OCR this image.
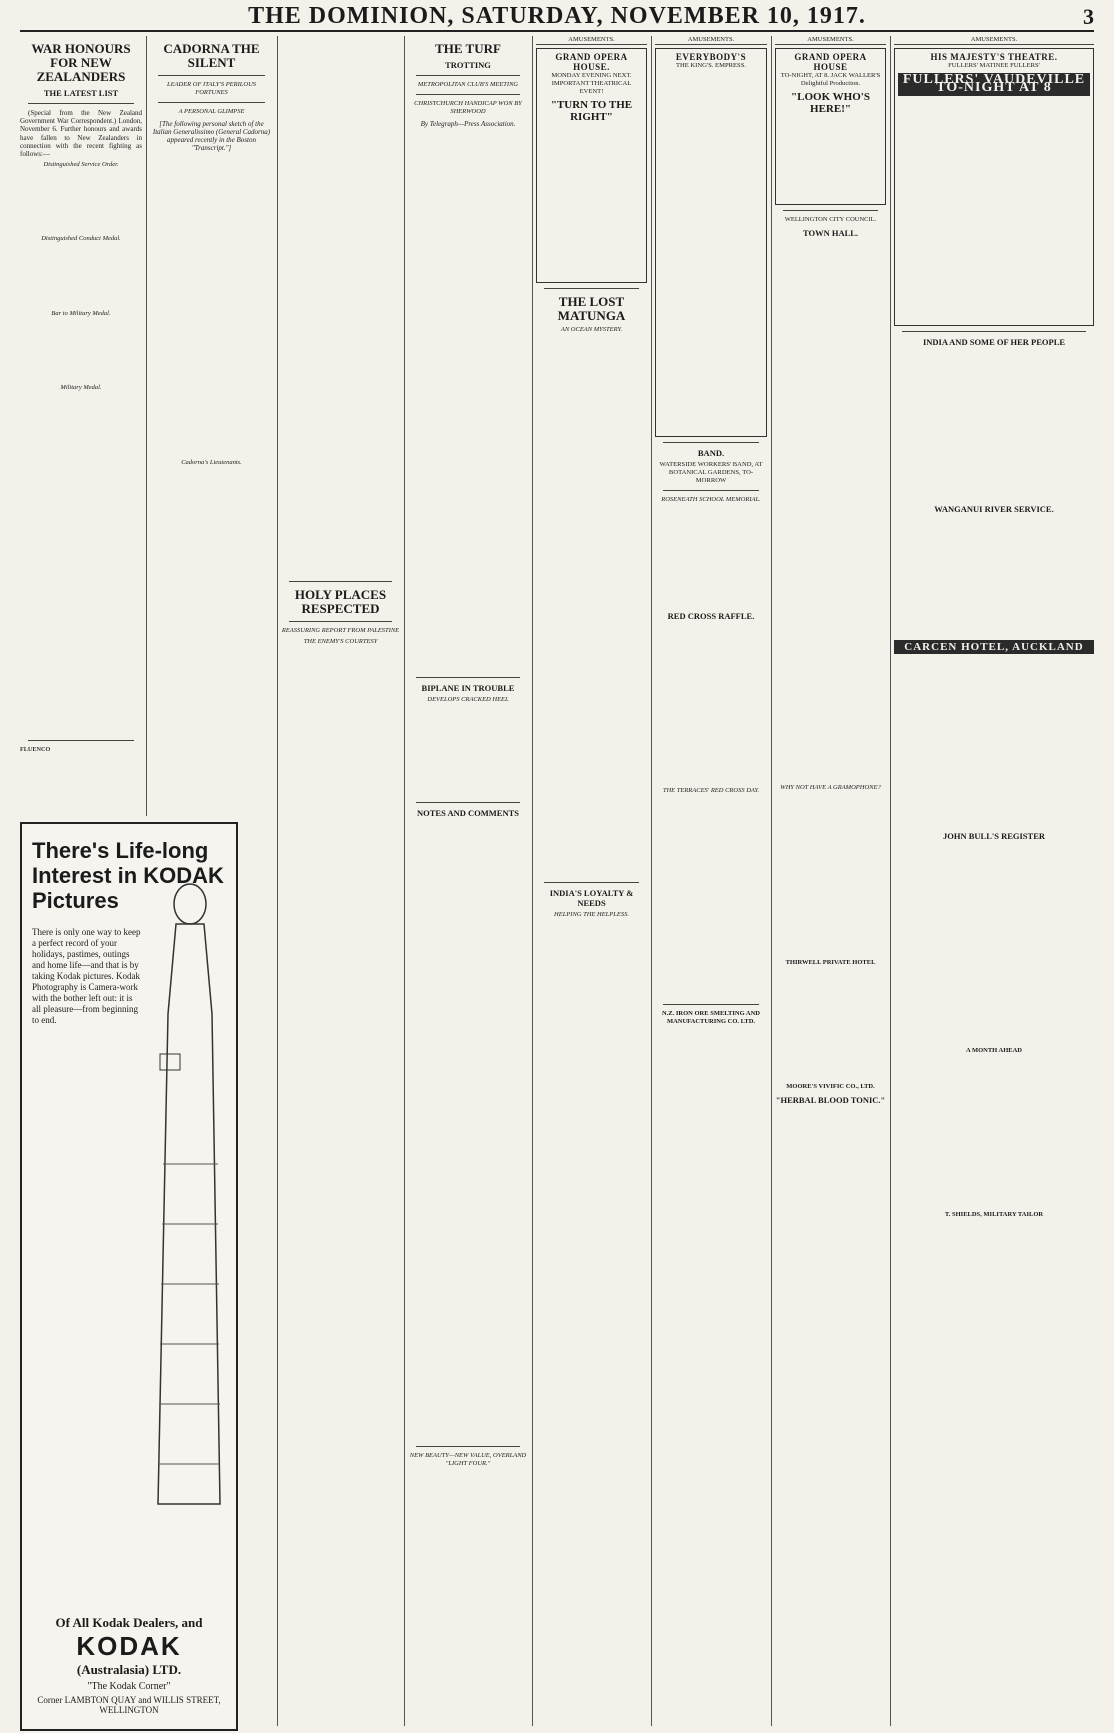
THE DOMINION, SATURDAY, NOVEMBER 10, 1917.	3
WAR HONOURS FOR NEW ZEALANDERS
THE LATEST LIST

(Special from the New Zealand Government War Correspondent.) London, November 6. Further honours and awards have fallen to New Zealanders in connection with the recent fighting as follows:—

Distinguished Service Order.
Distinguished Conduct Medal.
Bar to Military Medal.
Military Medal.
FLUENCO
CADORNA THE SILENT
LEADER OF ITALY'S PERILOUS FORTUNES
A PERSONAL GLIMPSE
[The following personal sketch of the Italian Generalissimo (General Cadorna) appeared recently in the Boston "Transcript."]
Cadorna's Lieutenants.
There's Life-long Interest in KODAK Pictures
There is only one way to keep a perfect record of your holidays, pastimes, outings and home life—and that is by taking Kodak pictures. Kodak Photography is Camera-work with the bother left out: it is all pleasure—from beginning to end.
Of All Kodak Dealers, and
KODAK
(Australasia) LTD.
"The Kodak Corner"
Corner LAMBTON QUAY and WILLIS STREET, WELLINGTON
HOLY PLACES RESPECTED
REASSURING REPORT FROM PALESTINE
THE ENEMY'S COURTESY
THE TURF
TROTTING
METROPOLITAN CLUB'S MEETING
CHRISTCHURCH HANDICAP WON BY SHERWOOD
By Telegraph—Press Association.
BIPLANE IN TROUBLE
DEVELOPS CRACKED HEEL
NOTES AND COMMENTS
NEW BEAUTY—NEW VALUE, OVERLAND "LIGHT FOUR."
AMUSEMENTS.
GRAND OPERA HOUSE.
MONDAY EVENING NEXT. IMPORTANT THEATRICAL EVENT!
"TURN TO THE RIGHT"
THE LOST MATUNGA
AN OCEAN MYSTERY.
INDIA'S LOYALTY & NEEDS
HELPING THE HELPLESS.
AMUSEMENTS.
EVERYBODY'S
THE KING'S. EMPRESS.
BAND.
WATERSIDE WORKERS' BAND, AT BOTANICAL GARDENS, TO-MORROW
ROSENEATH SCHOOL MEMORIAL.
RED CROSS RAFFLE.
THE TERRACES' RED CROSS DAY.
N.Z. IRON ORE SMELTING AND MANUFACTURING CO. LTD.
AMUSEMENTS.
GRAND OPERA HOUSE
TO-NIGHT, AT 8. JACK WALLER'S Delightful Production.
"LOOK WHO'S HERE!"
WELLINGTON CITY COUNCIL.
TOWN HALL.
WHY NOT HAVE A GRAMOPHONE?
THIRWELL PRIVATE HOTEL
MOORE'S VIVIFIC CO., LTD.
"HERBAL BLOOD TONIC."
AMUSEMENTS.
HIS MAJESTY'S THEATRE.
FULLERS' MATINEE FULLERS'
FULLERS' VAUDEVILLE TO-NIGHT AT 8
INDIA AND SOME OF HER PEOPLE
WANGANUI RIVER SERVICE.
CARCEN HOTEL, AUCKLAND
JOHN BULL'S REGISTER
A MONTH AHEAD
T. SHIELDS, MILITARY TAILOR
